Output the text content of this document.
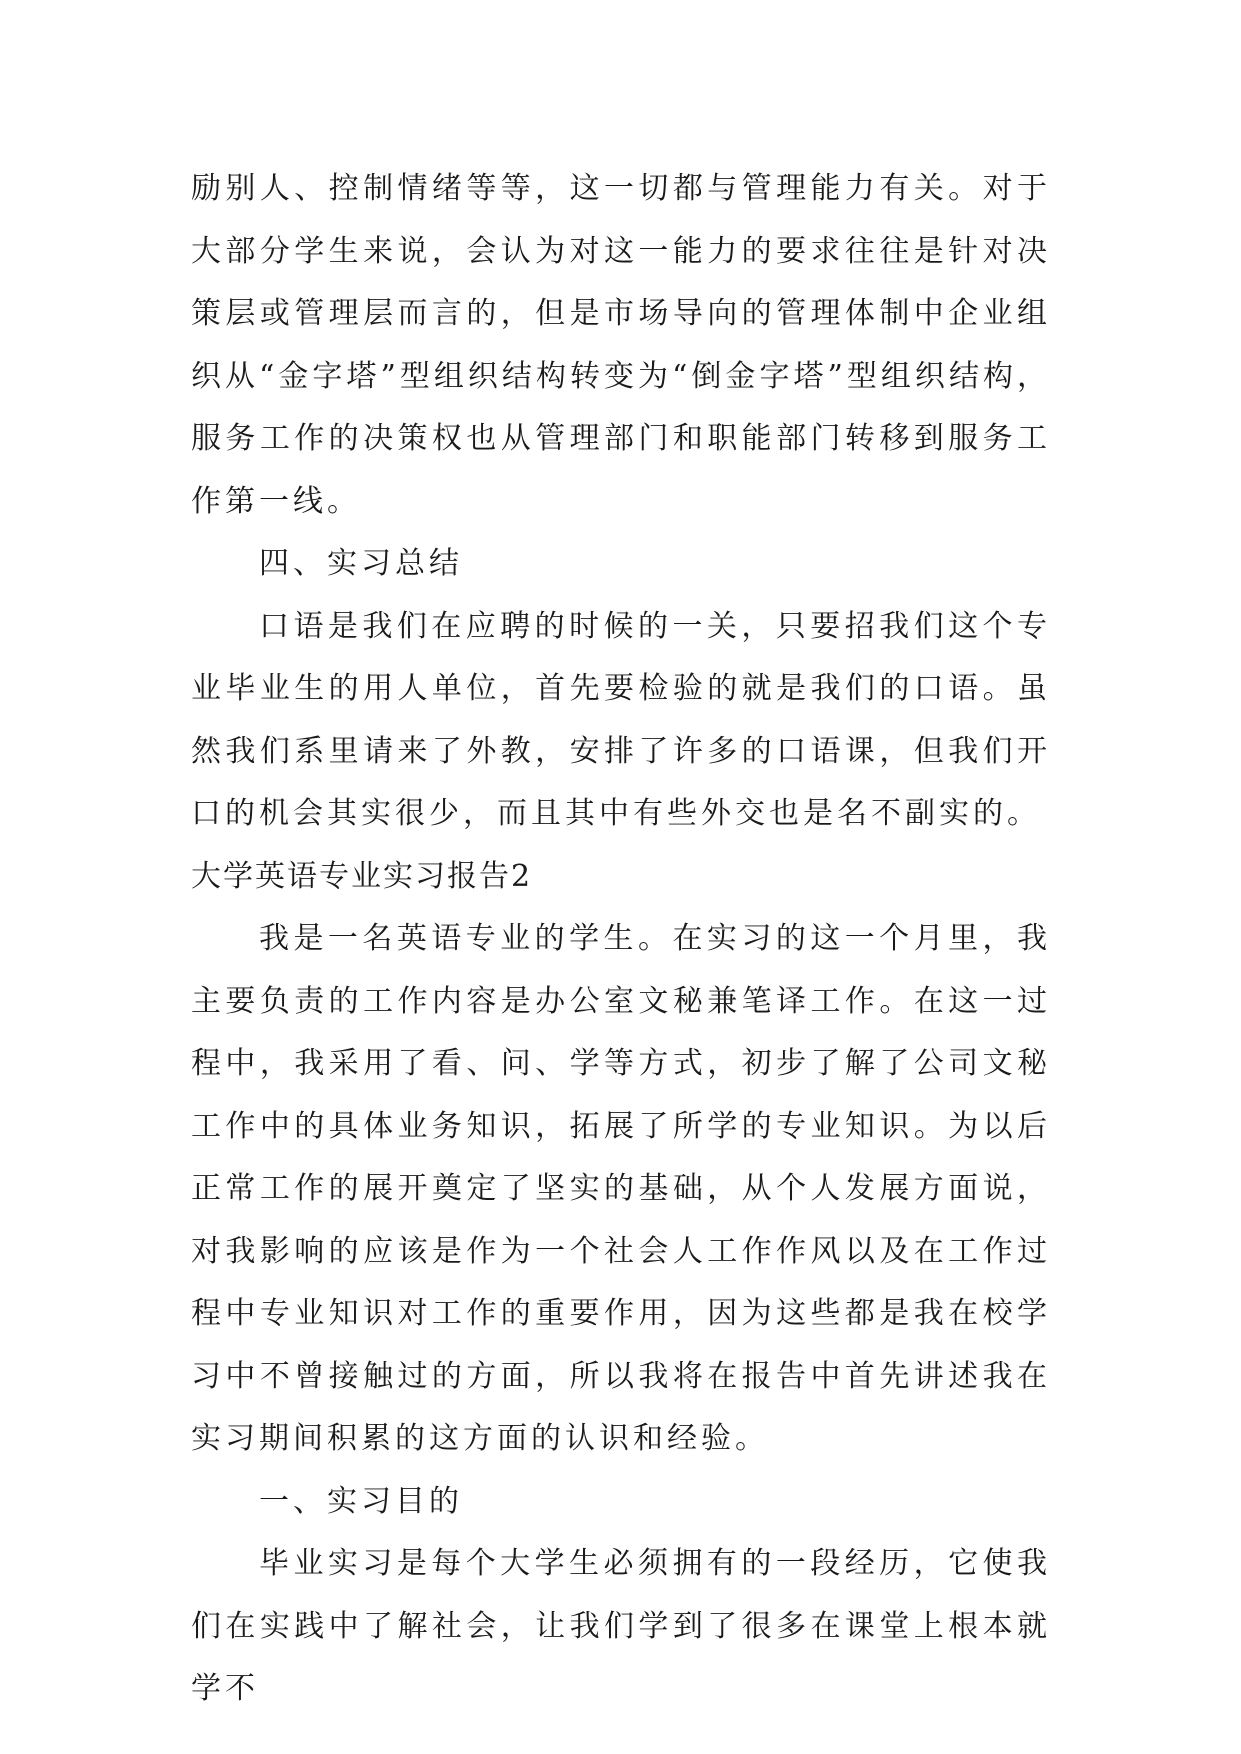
励别人、控制情绪等等，这一切都与管理能力有关。对于大部分学生来说，会认为对这一能力的要求往往是针对决策层或管理层而言的，但是市场导向的管理体制中企业组织从“金字塔”型组织结构转变为“倒金字塔”型组织结构，服务工作的决策权也从管理部门和职能部门转移到服务工作第一线。

四、实习总结

口语是我们在应聘的时候的一关，只要招我们这个专业毕业生的用人单位，首先要检验的就是我们的口语。虽然我们系里请来了外教，安排了许多的口语课，但我们开口的机会其实很少，而且其中有些外交也是名不副实的。

大学英语专业实习报告2

我是一名英语专业的学生。在实习的这一个月里，我主要负责的工作内容是办公室文秘兼笔译工作。在这一过程中，我采用了看、问、学等方式，初步了解了公司文秘工作中的具体业务知识，拓展了所学的专业知识。为以后正常工作的展开奠定了坚实的基础，从个人发展方面说，对我影响的应该是作为一个社会人工作作风以及在工作过程中专业知识对工作的重要作用，因为这些都是我在校学习中不曾接触过的方面，所以我将在报告中首先讲述我在实习期间积累的这方面的认识和经验。

一、实习目的

毕业实习是每个大学生必须拥有的一段经历，它使我们在实践中了解社会，让我们学到了很多在课堂上根本就学不
